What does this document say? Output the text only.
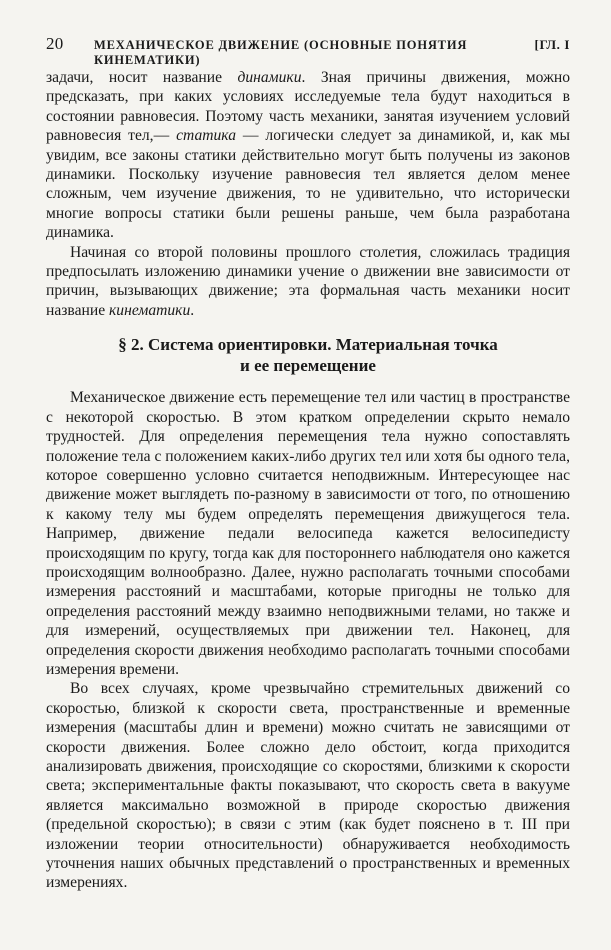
20	МЕХАНИЧЕСКОЕ ДВИЖЕНИЕ (ОСНОВНЫЕ ПОНЯТИЯ КИНЕМАТИКИ)
[ГЛ. I

задачи, носит название динамики. Зная причины движения, можно предсказать, при каких условиях исследуемые тела будут находиться в состоянии равновесия. Поэтому часть механики, занятая изучением условий равновесия тел,— статика — логически следует за динамикой, и, как мы увидим, все законы статики действительно могут быть получены из законов динамики. Поскольку изучение равновесия тел является делом менее сложным, чем изучение движения, то не удивительно, что исторически многие вопросы статики были решены раньше, чем была разработана динамика.

Начиная со второй половины прошлого столетия, сложилась традиция предпосылать изложению динамики учение о движении вне зависимости от причин, вызывающих движение; эта формальная часть механики носит название кинематики.

§ 2. Система ориентировки. Материальная точка
и ее перемещение

Механическое движение есть перемещение тел или частиц в пространстве с некоторой скоростью. В этом кратком определении скрыто немало трудностей. Для определения перемещения тела нужно сопоставлять положение тела с положением каких-либо других тел или хотя бы одного тела, которое совершенно условно считается неподвижным. Интересующее нас движение может выглядеть по-разному в зависимости от того, по отношению к какому телу мы будем определять перемещения движущегося тела. Например, движение педали велосипеда кажется велосипедисту происходящим по кругу, тогда как для постороннего наблюдателя оно кажется происходящим волнообразно. Далее, нужно располагать точными способами измерения расстояний и масштабами, которые пригодны не только для определения расстояний между взаимно неподвижными телами, но также и для измерений, осуществляемых при движении тел. Наконец, для определения скорости движения необходимо располагать точными способами измерения времени.

Во всех случаях, кроме чрезвычайно стремительных движений со скоростью, близкой к скорости света, пространственные и временные измерения (масштабы длин и времени) можно считать не зависящими от скорости движения. Более сложно дело обстоит, когда приходится анализировать движения, происходящие со скоростями, близкими к скорости света; экспериментальные факты показывают, что скорость света в вакууме является максимально возможной в природе скоростью движения (предельной скоростью); в связи с этим (как будет пояснено в т. III при изложении теории относительности) обнаруживается необходимость уточнения наших обычных представлений о пространственных и временных измерениях.
